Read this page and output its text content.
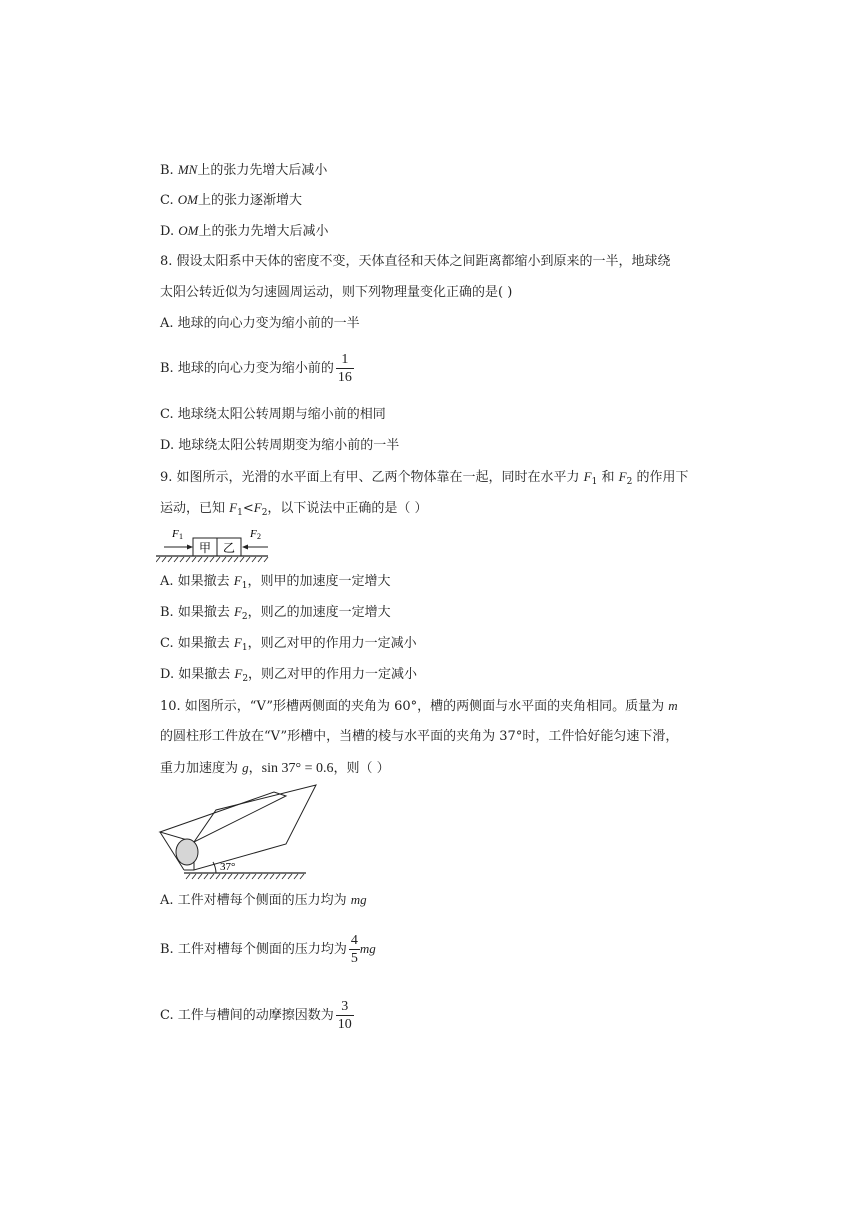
B. MN上的张力先增大后减小
C. OM上的张力逐渐增大
D. OM上的张力先增大后减小
8. 假设太阳系中天体的密度不变，天体直径和天体之间距离都缩小到原来的一半，地球绕
太阳公转近似为匀速圆周运动，则下列物理量变化正确的是( )
A. 地球的向心力变为缩小前的一半
B. 地球的向心力变为缩小前的 $\frac{1}{16}$
C. 地球绕太阳公转周期与缩小前的相同
D. 地球绕太阳公转周期变为缩小前的一半
9. 如图所示，光滑的水平面上有甲、乙两个物体靠在一起，同时在水平力 $F_1$ 和 $F_2$ 的作用下
运动，已知 $F_1<F_2$，以下说法中正确的是（ ）
甲 乙
F 1	F 2
A. 如果撤去 $F_1$，则甲的加速度一定增大
B. 如果撤去 $F_2$，则乙的加速度一定增大
C. 如果撤去 $F_1$，则乙对甲的作用力一定减小
D. 如果撤去 $F_2$，则乙对甲的作用力一定减小
10. 如图所示，“V”形槽两侧面的夹角为 60°，槽的两侧面与水平面的夹角相同。质量为 m
的圆柱形工件放在“V”形槽中，当槽的棱与水平面的夹角为 37°时，工件恰好能匀速下滑，
重力加速度为 g，sin 37° = 0.6，则（ ）
37°
A. 工件对槽每个侧面的压力均为 mg
B. 工件对槽每个侧面的压力均为 $\frac{4}{5}$ mg
C. 工件与槽间的动摩擦因数为 $\frac{3}{10}$
